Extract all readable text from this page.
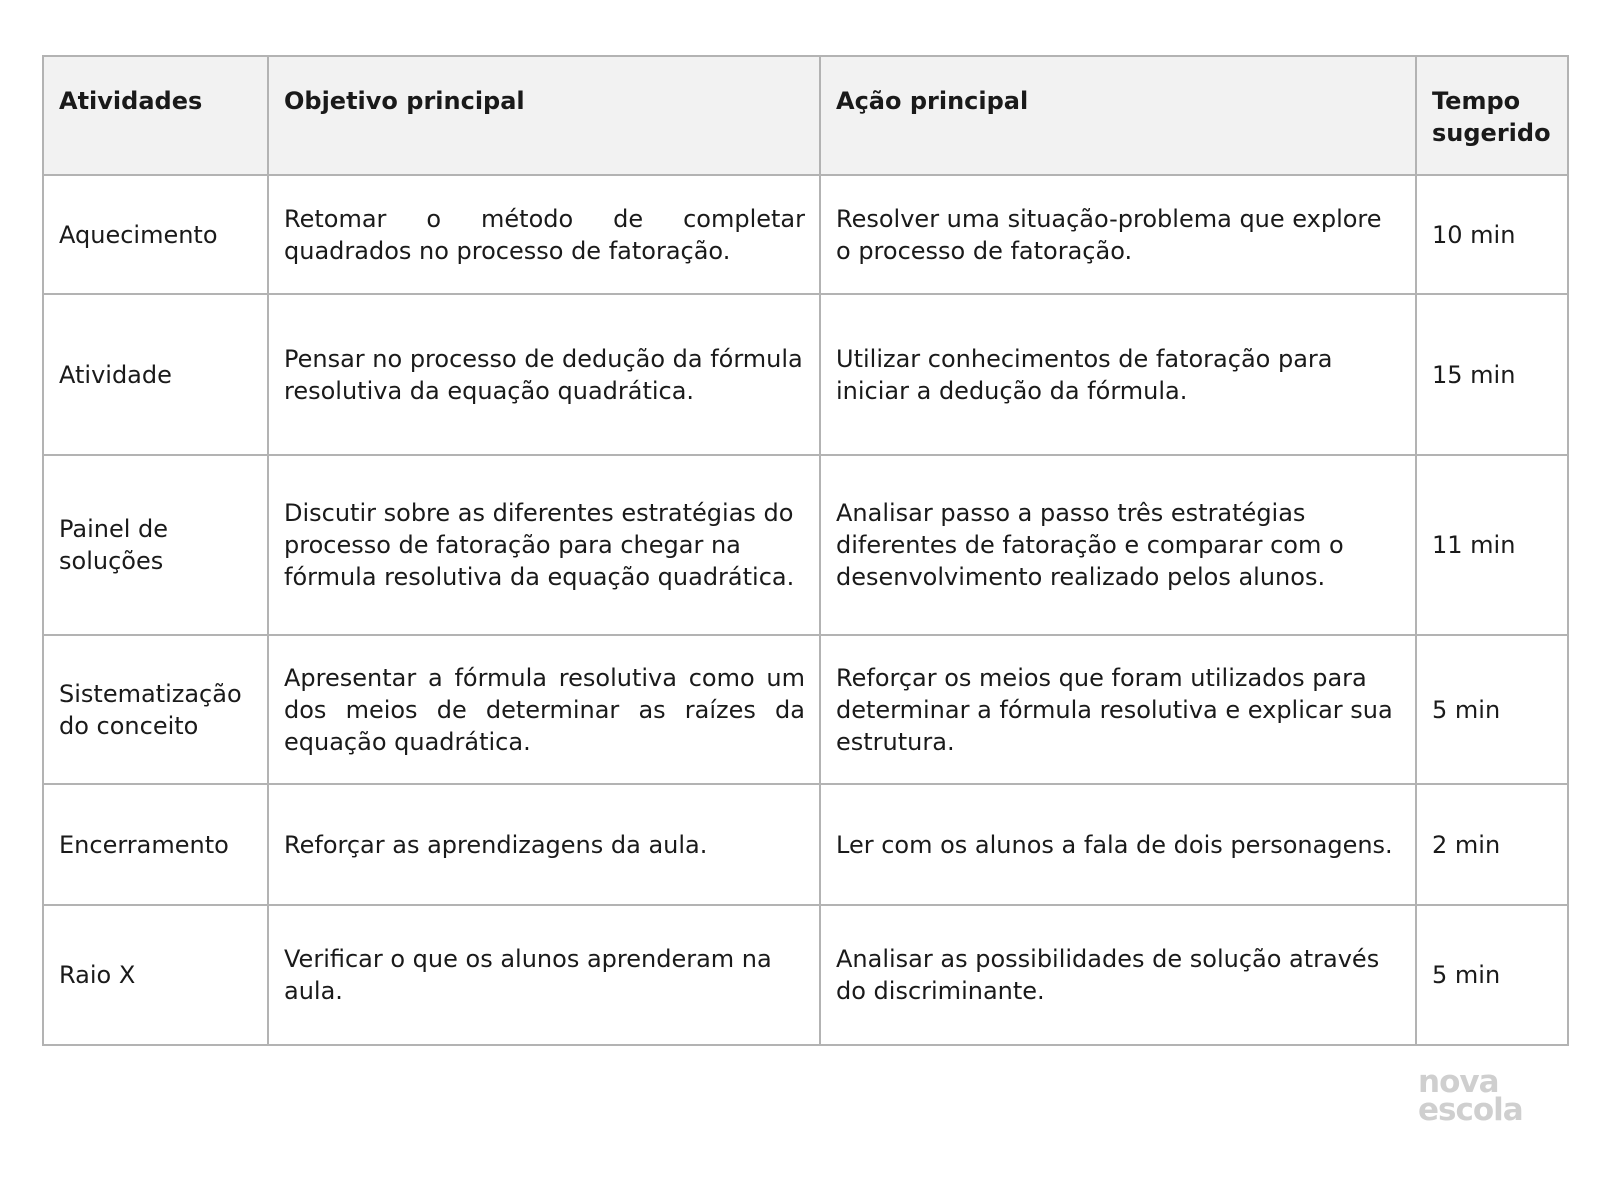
Atividades	Objetivo principal	Ação principal	Tempo sugerido
Aquecimento	Retomar o método de completar quadrados no processo de fatoração.	Resolver uma situação-problema que explore o processo de fatoração.	10 min
Atividade	Pensar no processo de dedução da fórmula resolutiva da equação quadrática.	Utilizar conhecimentos de fatoração para iniciar a dedução da fórmula.	15 min
Painel de soluções	Discutir sobre as diferentes estratégias do processo de fatoração para chegar na fórmula resolutiva da equação quadrática.	Analisar passo a passo três estratégias diferentes de fatoração e comparar com o desenvolvimento realizado pelos alunos.	11 min
Sistematização do conceito	Apresentar a fórmula resolutiva como um dos meios de determinar as raízes da equação quadrática.	Reforçar os meios que foram utilizados para determinar a fórmula resolutiva e explicar sua estrutura.	5 min
Encerramento	Reforçar as aprendizagens da aula.	Ler com os alunos a fala de dois personagens.	2 min
Raio X	Verificar o que os alunos aprenderam na aula.	Analisar as possibilidades de solução através do discriminante.	5 min
nova
escola
